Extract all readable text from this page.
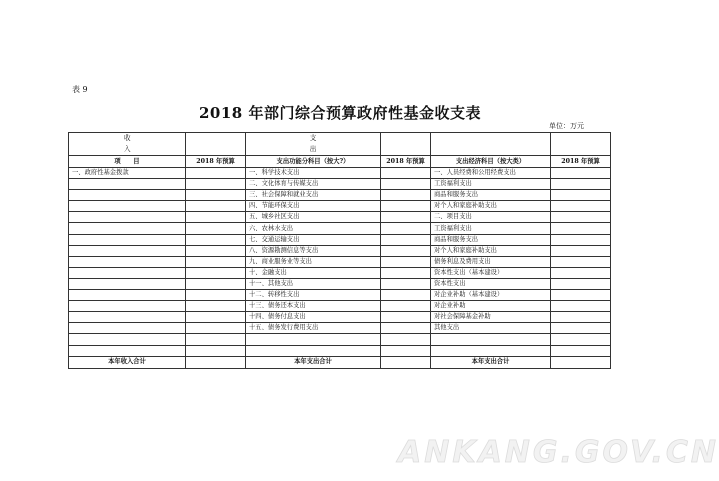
表 9
2018 年部门综合预算政府性基金收支表
单位：万元
收
入		支
出			

项　　目	2018 年预算	支出功能分科目（按大?）	2018 年预算	支出经济科目（按大类）	2018 年预算
一、政府性基金拨款		一、科学技术支出		一、人员经费和公用经费支出	
		二、文化体育与传媒支出		工资福利支出	
		三、社会保障和就业支出		商品和服务支出	
		四、节能环保支出		对个人和家庭补助支出	
		五、城乡社区支出		二、项目支出	
		六、农林水支出		工资福利支出	
		七、交通运输支出		商品和服务支出	
		八、资源勘测信息等支出		对个人和家庭补助支出	
		九、商业服务业等支出		债务利息及费用支出	
		十、金融支出		资本性支出（基本建设）	
		十一、其他支出		资本性支出	
		十二、转移性支出		对企业补助（基本建设）	
		十三、债务还本支出		对企业补助	
		十四、债务付息支出		对社会保障基金补助	
		十五、债务发行费用支出		其他支出	

本年收入合计		本年支出合计		本年支出合计	
ANKANG.GOV.CN
